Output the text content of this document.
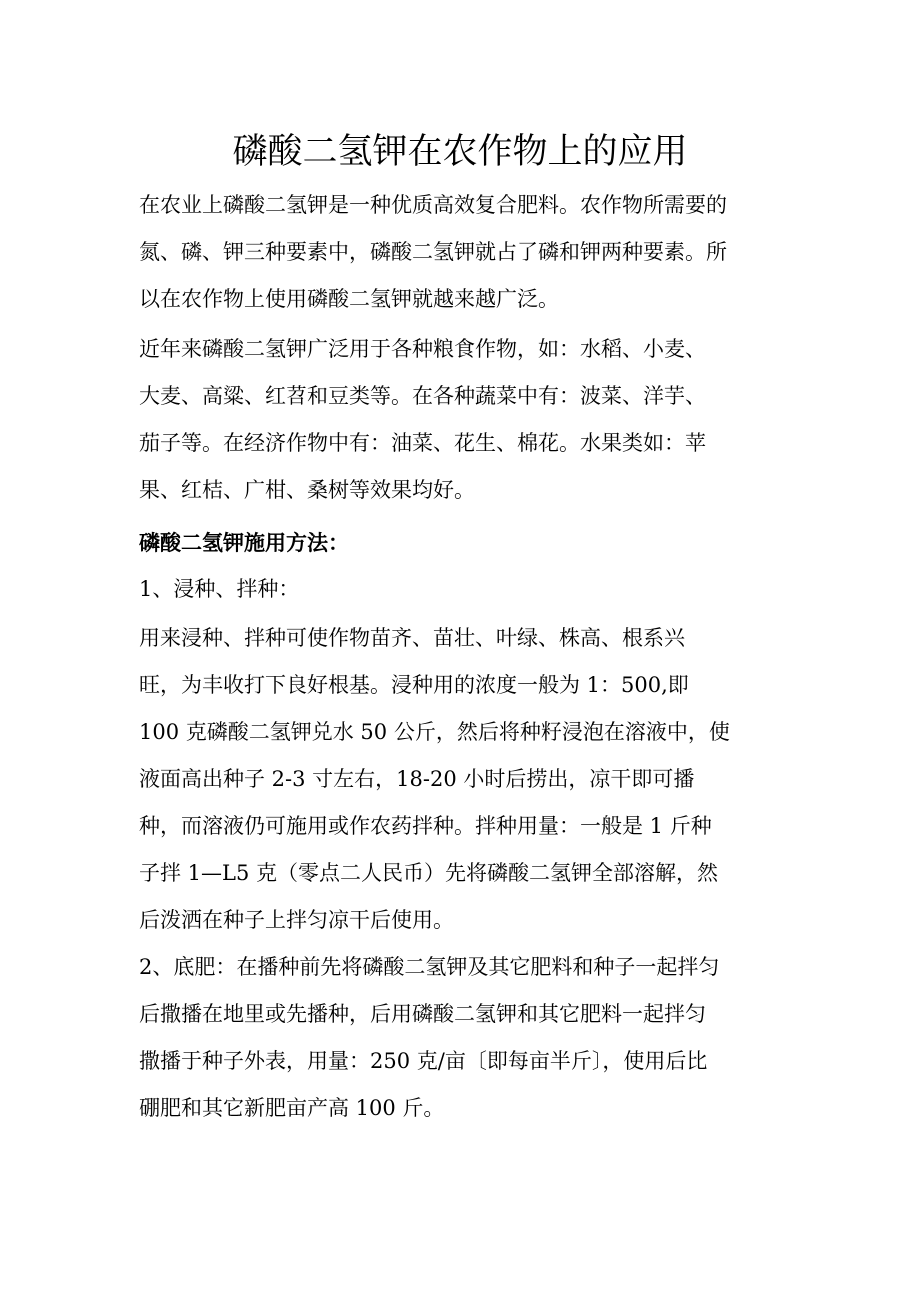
磷酸二氢钾在农作物上的应用
在农业上磷酸二氢钾是一种优质高效复合肥料。农作物所需要的
氮、磷、钾三种要素中，磷酸二氢钾就占了磷和钾两种要素。所
以在农作物上使用磷酸二氢钾就越来越广泛。
近年来磷酸二氢钾广泛用于各种粮食作物，如：水稻、小麦、
大麦、高粱、红苕和豆类等。在各种蔬菜中有：波菜、洋芋、
茄子等。在经济作物中有：油菜、花生、棉花。水果类如：苹
果、红桔、广柑、桑树等效果均好。
磷酸二氢钾施用方法：
1、浸种、拌种：
用来浸种、拌种可使作物苗齐、苗壮、叶绿、株高、根系兴
旺，为丰收打下良好根基。浸种用的浓度一般为 1：500,即
100 克磷酸二氢钾兑水 50 公斤，然后将种籽浸泡在溶液中，使
液面高出种子 2-3 寸左右，18-20 小时后捞出，凉干即可播
种，而溶液仍可施用或作农药拌种。拌种用量：一般是 1 斤种
子拌 1—L5 克（零点二人民币）先将磷酸二氢钾全部溶解，然
后泼洒在种子上拌匀凉干后使用。
2、底肥：在播种前先将磷酸二氢钾及其它肥料和种子一起拌匀
后撒播在地里或先播种，后用磷酸二氢钾和其它肥料一起拌匀
撒播于种子外表，用量：250 克/亩〔即每亩半斤〕，使用后比
硼肥和其它新肥亩产高 100 斤。
